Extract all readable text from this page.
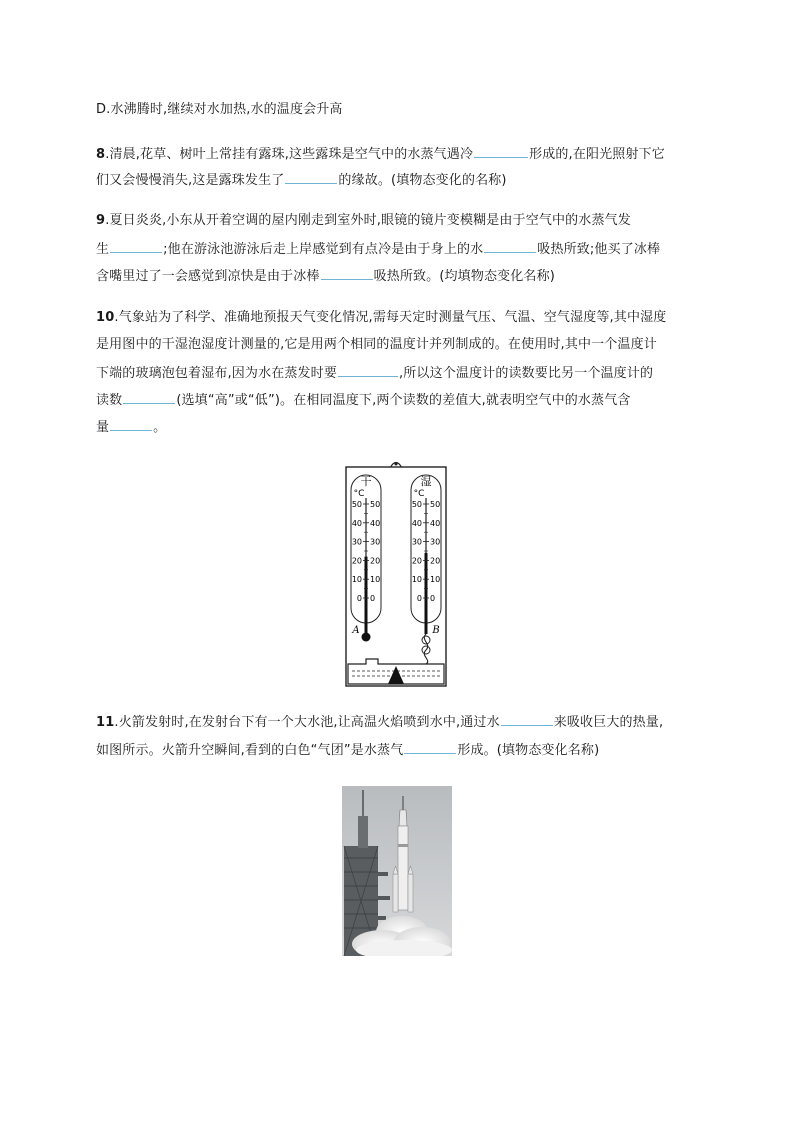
D.水沸腾时,继续对水加热,水的温度会升高
8.清晨,花草、树叶上常挂有露珠,这些露珠是空气中的水蒸气遇冷	形成的,在阳光照射下它
们又会慢慢消失,这是露珠发生了	的缘故。(填物态变化的名称)
9.夏日炎炎,小东从开着空调的屋内刚走到室外时,眼镜的镜片变模糊是由于空气中的水蒸气发
生	;他在游泳池游泳后走上岸感觉到有点冷是由于身上的水	吸热所致;他买了冰棒
含嘴里过了一会感觉到凉快是由于冰棒	吸热所致。(均填物态变化名称)
10.气象站为了科学、准确地预报天气变化情况,需每天定时测量气压、气温、空气湿度等,其中湿度
是用图中的干湿泡湿度计测量的,它是用两个相同的温度计并列制成的。在使用时,其中一个温度计
下端的玻璃泡包着湿布,因为水在蒸发时要	,所以这个温度计的读数要比另一个温度计的
读数	(选填“高”或“低”)。在相同温度下,两个读数的差值大,就表明空气中的水蒸气含
量	。
干
°C
A
50 50
40 40
30 30
20 20
10 10
0 0
湿
°C
B
50 50
40 40
30 30
20 20
10 10
0 0
11.火箭发射时,在发射台下有一个大水池,让高温火焰喷到水中,通过水	来吸收巨大的热量,
如图所示。火箭升空瞬间,看到的白色“气团”是水蒸气	形成。(填物态变化名称)
